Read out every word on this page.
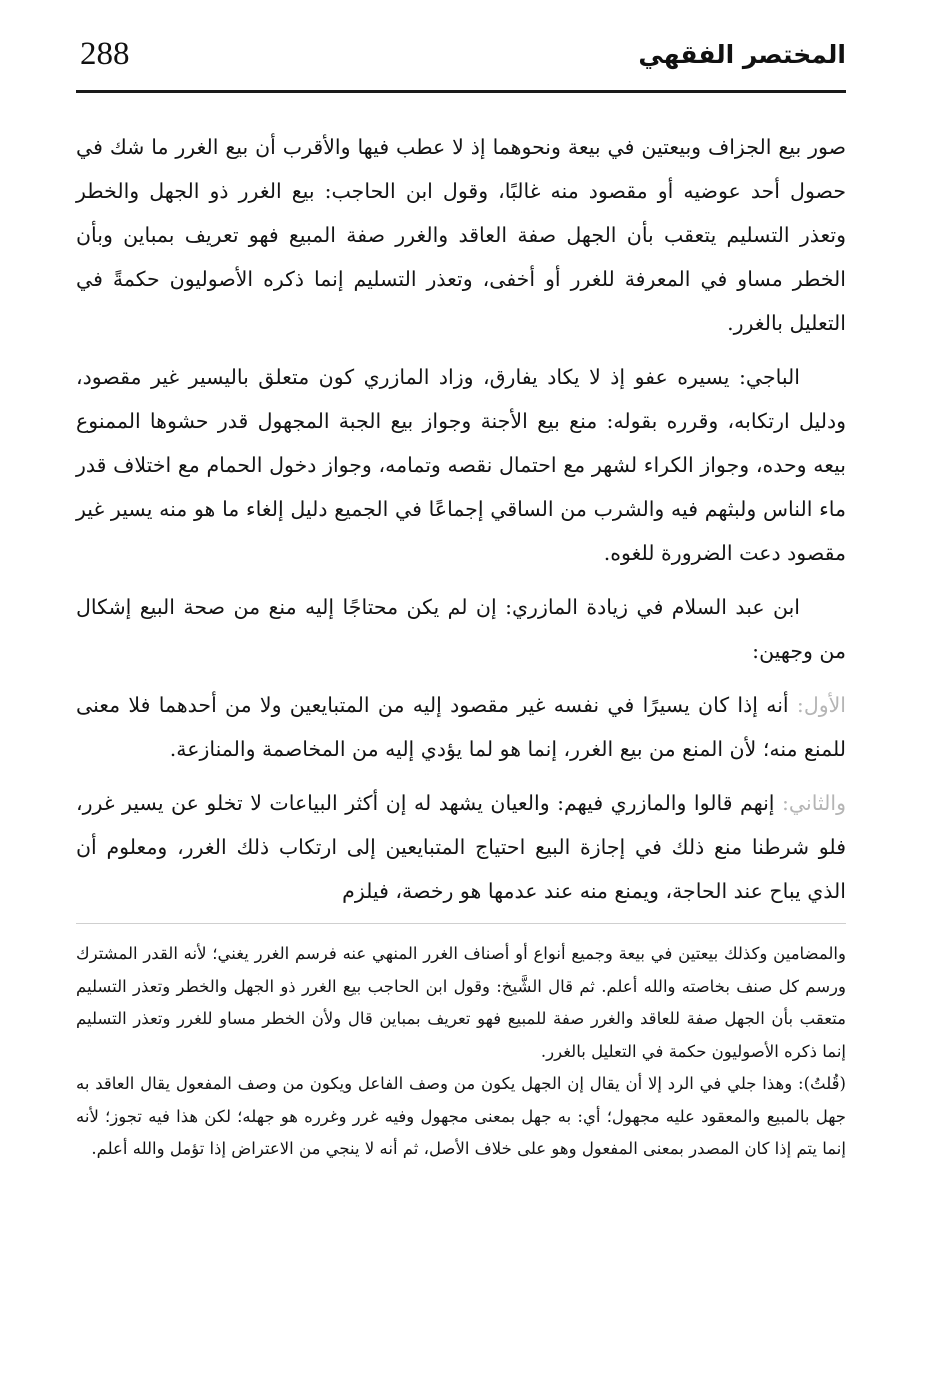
288	المختصر الفقهي

صور بيع الجزاف وبيعتين في بيعة ونحوهما إذ لا عطب فيها والأقرب أن بيع الغرر ما شك في حصول أحد عوضيه أو مقصود منه غالبًا، وقول ابن الحاجب: بيع الغرر ذو الجهل والخطر وتعذر التسليم يتعقب بأن الجهل صفة العاقد والغرر صفة المبيع فهو تعريف بمباين وبأن الخطر مساو في المعرفة للغرر أو أخفى، وتعذر التسليم إنما ذكره الأصوليون حكمةً في التعليل بالغرر.

الباجي: يسيره عفو إذ لا يكاد يفارق، وزاد المازري كون متعلق باليسير غير مقصود، ودليل ارتكابه، وقرره بقوله: منع بيع الأجنة وجواز بيع الجبة المجهول قدر حشوها الممنوع بيعه وحده، وجواز الكراء لشهر مع احتمال نقصه وتمامه، وجواز دخول الحمام مع اختلاف قدر ماء الناس ولبثهم فيه والشرب من الساقي إجماعًا في الجميع دليل إلغاء ما هو منه يسير غير مقصود دعت الضرورة للغوه.

ابن عبد السلام في زيادة المازري: إن لم يكن محتاجًا إليه منع من صحة البيع إشكال من وجهين:

الأول: أنه إذا كان يسيرًا في نفسه غير مقصود إليه من المتبايعين ولا من أحدهما فلا معنى للمنع منه؛ لأن المنع من بيع الغرر، إنما هو لما يؤدي إليه من المخاصمة والمنازعة.

والثاني: إنهم قالوا والمازري فيهم: والعيان يشهد له إن أكثر البياعات لا تخلو عن يسير غرر، فلو شرطنا منع ذلك في إجازة البيع احتياج المتبايعين إلى ارتكاب ذلك الغرر، ومعلوم أن الذي يباح عند الحاجة، ويمنع منه عند عدمها هو رخصة، فيلزم

والمضامين وكذلك بيعتين في بيعة وجميع أنواع أو أصناف الغرر المنهي عنه فرسم الغرر يغني؛ لأنه القدر المشترك ورسم كل صنف بخاصته والله أعلم. ثم قال الشَّيخ: وقول ابن الحاجب بيع الغرر ذو الجهل والخطر وتعذر التسليم متعقب بأن الجهل صفة للعاقد والغرر صفة للمبيع فهو تعريف بمباين قال ولأن الخطر مساو للغرر وتعذر التسليم إنما ذكره الأصوليون حكمة في التعليل بالغرر.

(قُلتُ): وهذا جلي في الرد إلا أن يقال إن الجهل يكون من وصف الفاعل ويكون من وصف المفعول يقال العاقد به جهل بالمبيع والمعقود عليه مجهول؛ أي: به جهل بمعنى مجهول وفيه غرر وغرره هو جهله؛ لكن هذا فيه تجوز؛ لأنه إنما يتم إذا كان المصدر بمعنى المفعول وهو على خلاف الأصل، ثم أنه لا ينجي من الاعتراض إذا تؤمل والله أعلم.
